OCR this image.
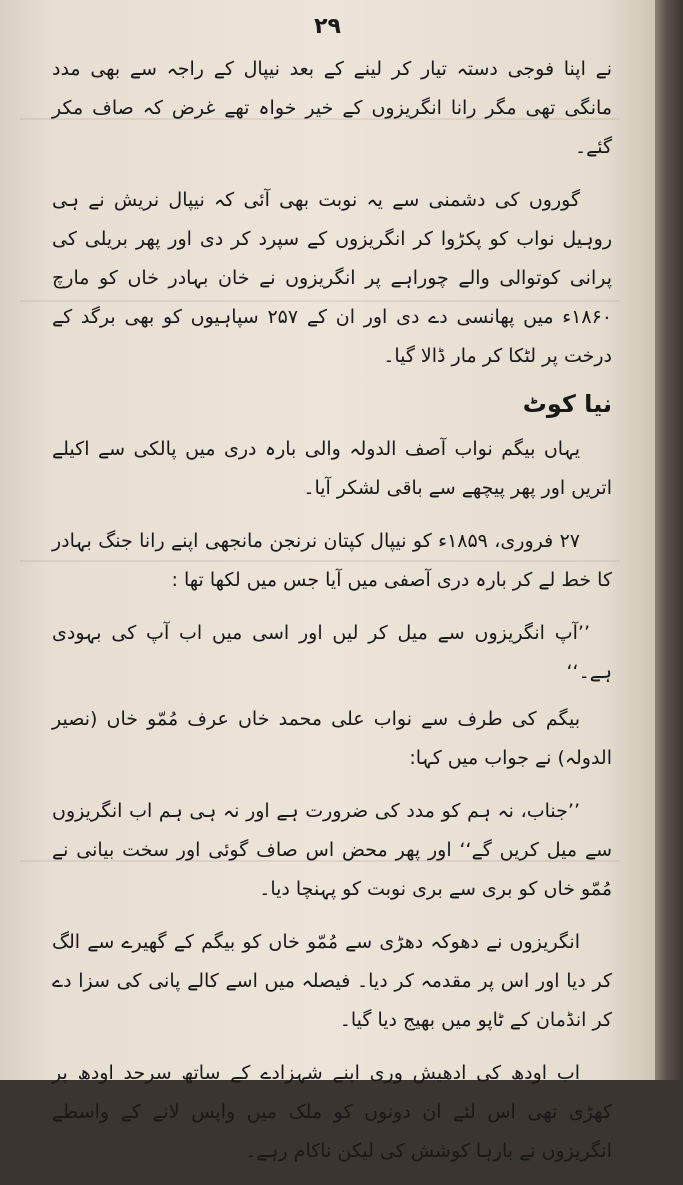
۲۹

نے اپنا فوجی دستہ تیار کر لینے کے بعد نیپال کے راجہ سے بھی مدد مانگی تھی مگر رانا انگریزوں کے خیر خواہ تھے غرض کہ صاف مکر گئے۔

گوروں کی دشمنی سے یہ نوبت بھی آئی کہ نیپال نریش نے ہی روہیل نواب کو پکڑوا کر انگریزوں کے سپرد کر دی اور پھر بریلی کی پرانی کوتوالی والے چوراہے پر انگریزوں نے خان بہادر خاں کو مارچ ۱۸۶۰ء میں پھانسی دے دی اور ان کے ۲۵۷ سپاہیوں کو بھی برگد کے درخت پر لٹکا کر مار ڈالا گیا۔

نیا کوٹ

یہاں بیگم نواب آصف الدولہ والی بارہ دری میں پالکی سے اکیلے اتریں اور پھر پیچھے سے باقی لشکر آیا۔

۲۷ فروری، ۱۸۵۹ء کو نیپال کپتان نرنجن مانجھی اپنے رانا جنگ بہادر کا خط لے کر بارہ دری آصفی میں آیا جس میں لکھا تھا :

’’آپ انگریزوں سے میل کر لیں اور اسی میں اب آپ کی بہودی ہے۔‘‘

بیگم کی طرف سے نواب علی محمد خاں عرف مُمّو خاں (نصیر الدولہ) نے جواب میں کہا:

’’جناب، نہ ہم کو مدد کی ضرورت ہے اور نہ ہی ہم اب انگریزوں سے میل کریں گے‘‘ اور پھر محض اس صاف گوئی اور سخت بیانی نے مُمّو خاں کو بری سے بری نوبت کو پہنچا دیا۔

انگریزوں نے دھوکہ دھڑی سے مُمّو خاں کو بیگم کے گھیرے سے الگ کر دیا اور اس پر مقدمہ کر دیا۔ فیصلہ میں اسے کالے پانی کی سزا دے کر انڈمان کے ٹاپو میں بھیج دیا گیا۔

اب اودھ کی ادھیش وری اپنے شہزادے کے ساتھ سرحد اودھ پر کھڑی تھی اس لئے ان دونوں کو ملک میں واپس لانے کے واسطے انگریزوں نے بارہا کوشش کی لیکن ناکام رہے۔
